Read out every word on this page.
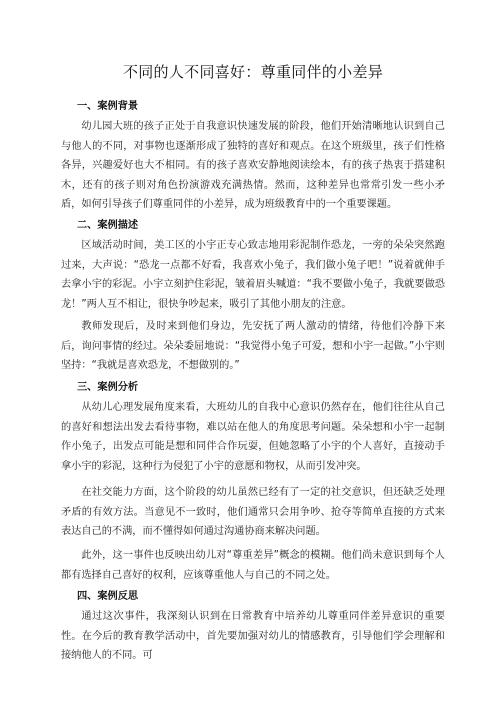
不同的人不同喜好：尊重同伴的小差异
一、案例背景

幼儿园大班的孩子正处于自我意识快速发展的阶段，他们开始清晰地认识到自己与他人的不同，对事物也逐渐形成了独特的喜好和观点。在这个班级里，孩子们性格各异，兴趣爱好也大不相同。有的孩子喜欢安静地阅读绘本，有的孩子热衷于搭建积木，还有的孩子则对角色扮演游戏充满热情。然而，这种差异也常常引发一些小矛盾，如何引导孩子们尊重同伴的小差异，成为班级教育中的一个重要课题。

二、案例描述

区域活动时间，美工区的小宇正专心致志地用彩泥制作恐龙，一旁的朵朵突然跑过来，大声说：“恐龙一点都不好看，我喜欢小兔子，我们做小兔子吧！”说着就伸手去拿小宇的彩泥。小宇立刻护住彩泥，皱着眉头喊道：“我不要做小兔子，我就要做恐龙！”两人互不相让，很快争吵起来，吸引了其他小朋友的注意。

教师发现后，及时来到他们身边，先安抚了两人激动的情绪，待他们冷静下来后，询问事情的经过。朵朵委屈地说：“我觉得小兔子可爱，想和小宇一起做。”小宇则坚持：“我就是喜欢恐龙，不想做别的。”

三、案例分析

从幼儿心理发展角度来看，大班幼儿的自我中心意识仍然存在，他们往往从自己的喜好和想法出发去看待事物，难以站在他人的角度思考问题。朵朵想和小宇一起制作小兔子，出发点可能是想和同伴合作玩耍，但她忽略了小宇的个人喜好，直接动手拿小宇的彩泥，这种行为侵犯了小宇的意愿和物权，从而引发冲突。

在社交能力方面，这个阶段的幼儿虽然已经有了一定的社交意识，但还缺乏处理矛盾的有效方法。当意见不一致时，他们通常只会用争吵、抢夺等简单直接的方式来表达自己的不满，而不懂得如何通过沟通协商来解决问题。

此外，这一事件也反映出幼儿对“尊重差异”概念的模糊。他们尚未意识到每个人都有选择自己喜好的权利，应该尊重他人与自己的不同之处。

四、案例反思

通过这次事件，我深刻认识到在日常教育中培养幼儿尊重同伴差异意识的重要性。在今后的教育教学活动中，首先要加强对幼儿的情感教育，引导他们学会理解和接纳他人的不同。可
